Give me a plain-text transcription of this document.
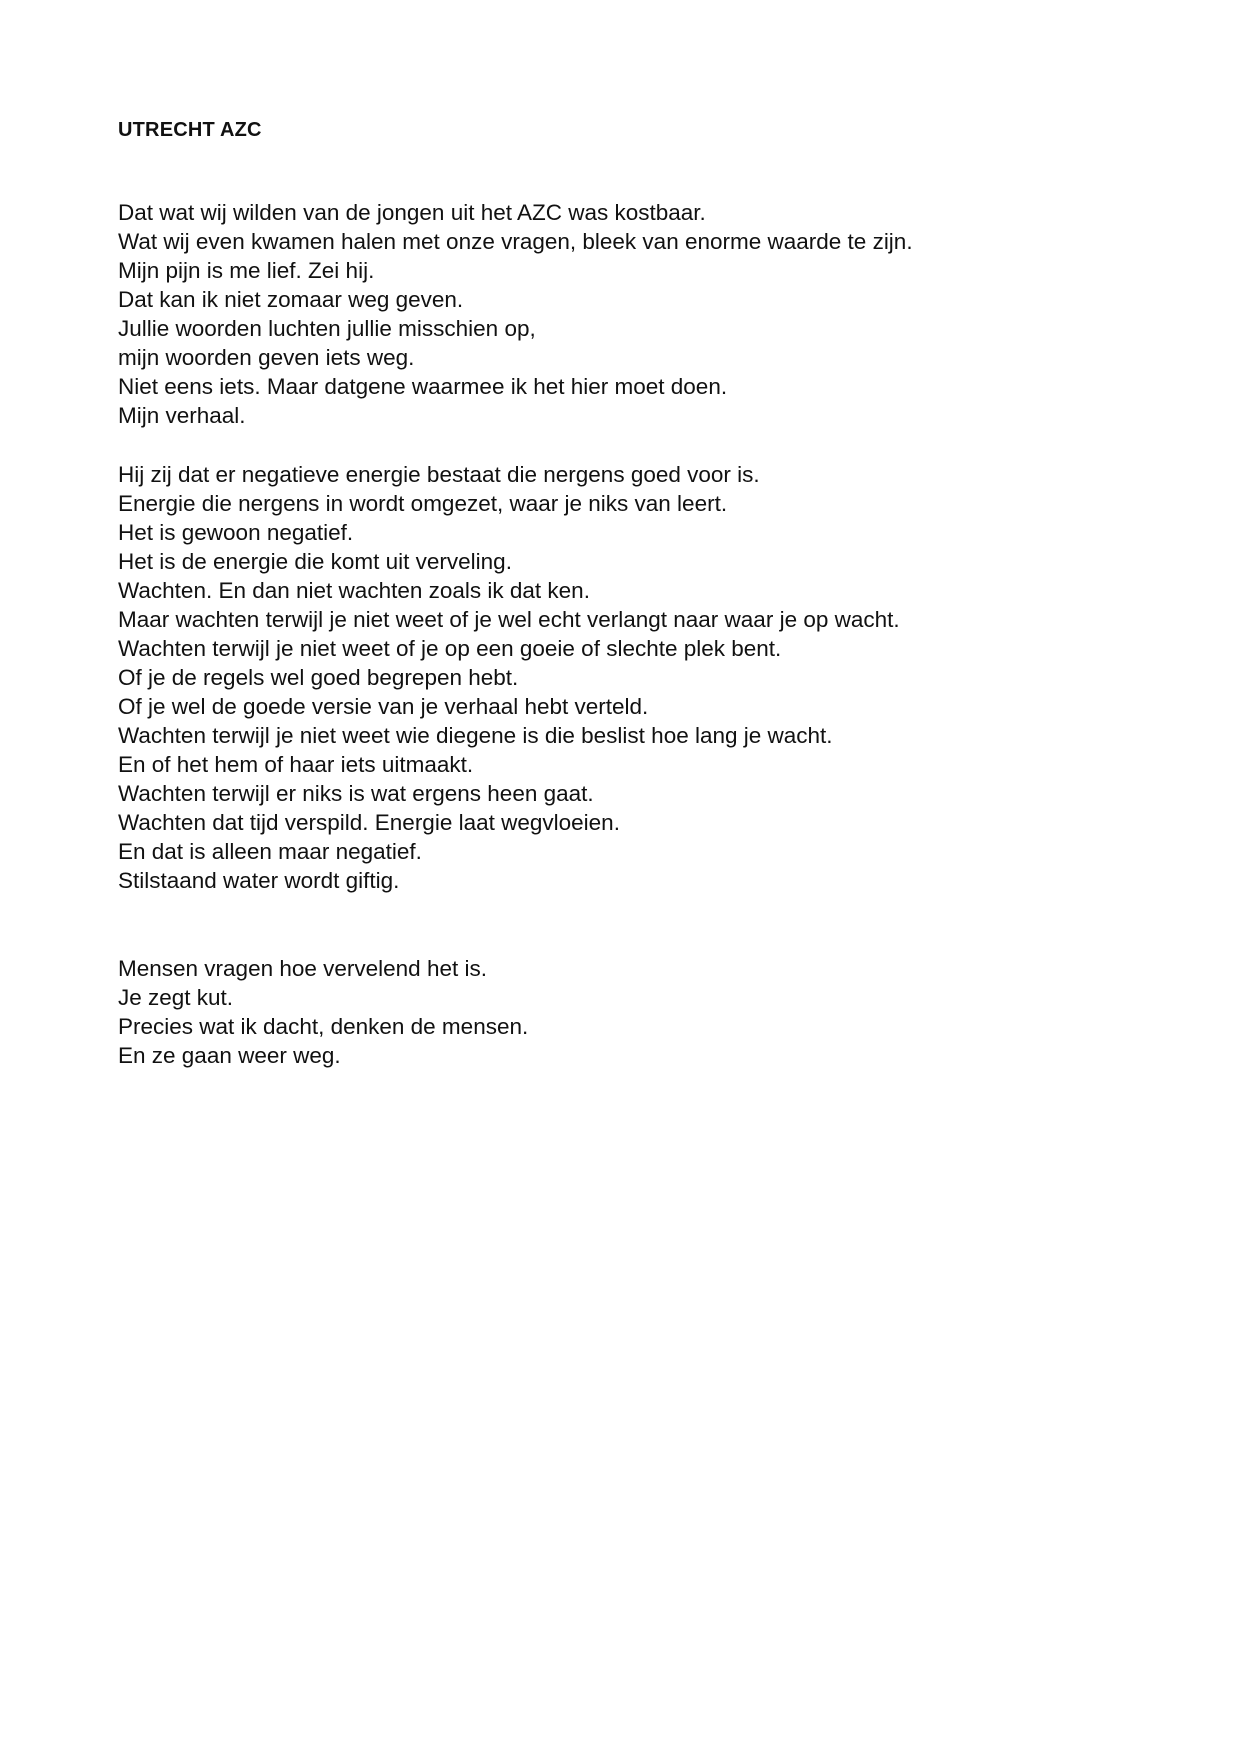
UTRECHT AZC
Dat wat wij wilden van de jongen uit het AZC was kostbaar.
Wat wij even kwamen halen met onze vragen, bleek van enorme waarde te zijn.
Mijn pijn is me lief. Zei hij.
Dat kan ik niet zomaar weg geven.
Jullie woorden luchten jullie misschien op,
mijn woorden geven iets weg.
Niet eens iets. Maar datgene waarmee ik het hier moet doen.
Mijn verhaal.
Hij zij dat er negatieve energie bestaat die nergens goed voor is.
Energie die nergens in wordt omgezet, waar je niks van leert.
Het is gewoon negatief.
Het is de energie die komt uit verveling.
Wachten. En dan niet wachten zoals ik dat ken.
Maar wachten terwijl je niet weet of je wel echt verlangt naar waar je op wacht.
Wachten terwijl je niet weet of je op een goeie of slechte plek bent.
Of je de regels wel goed begrepen hebt.
Of je wel de goede versie van je verhaal hebt verteld.
Wachten terwijl je niet weet wie diegene is die beslist hoe lang je wacht.
En of het hem of haar iets uitmaakt.
Wachten terwijl er niks is wat ergens heen gaat.
Wachten dat tijd verspild. Energie laat wegvloeien.
En dat is alleen maar negatief.
Stilstaand water wordt giftig.
Mensen vragen hoe vervelend het is.
Je zegt kut.
Precies wat ik dacht, denken de mensen.
En ze gaan weer weg.
